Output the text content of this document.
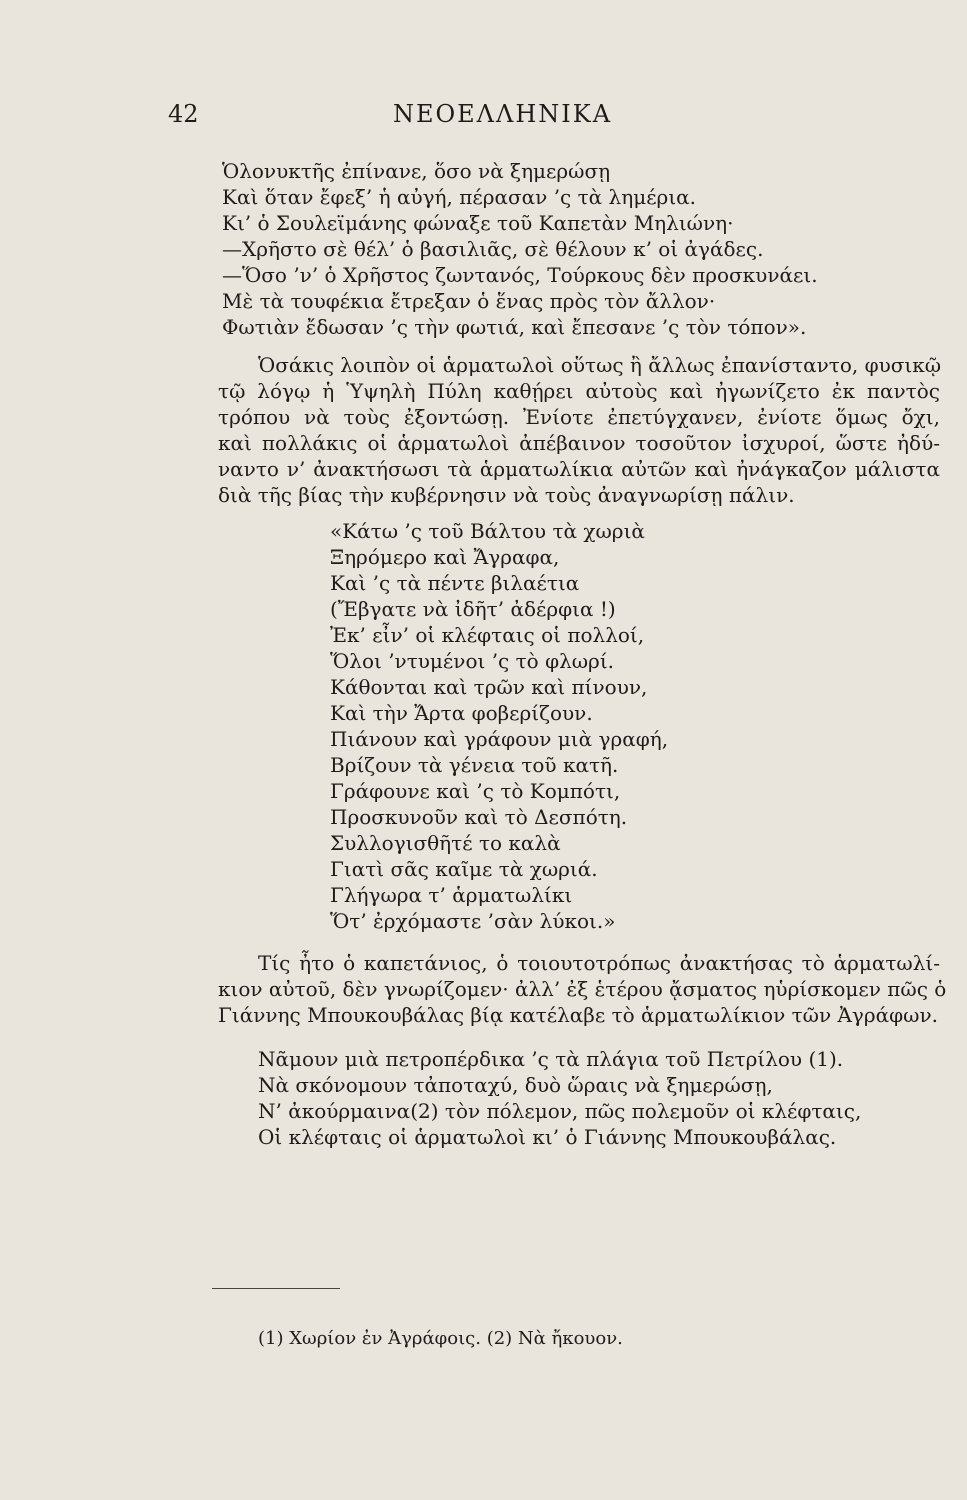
42	ΝΕΟΕΛΛΗΝΙΚΑ
Ὁλονυκτῆς ἐπίνανε, ὅσο νὰ ξημερώσῃ
Καὶ ὅταν ἔφεξ’ ἡ αὐγή, πέρασαν ’ς τὰ λημέρια.
Κι’ ὁ Σουλεϊμάνης φώναξε τοῦ Καπετὰν Μηλιώνη·
—Χρῆστο σὲ θέλ’ ὁ βασιλιᾶς, σὲ θέλουν κ’ οἱ ἀγάδες.
—Ὅσο ’ν’ ὁ Χρῆστος ζωντανός, Τούρκους δὲν προσκυνάει.
Μὲ τὰ τουφέκια ἔτρεξαν ὁ ἕνας πρὸς τὸν ἄλλον·
Φωτιὰν ἔδωσαν ’ς τὴν φωτιά, καὶ ἔπεσανε ’ς τὸν τόπον».
Ὁσάκις λοιπὸν οἱ ἁρματωλοὶ οὕτως ἢ ἄλλως ἐπανίσταντο, φυσικῷ
τῷ λόγῳ ἡ Ὑψηλὴ Πύλη καθῄρει αὐτοὺς καὶ ἠγωνίζετο ἐκ παντὸς
τρόπου νὰ τοὺς ἐξοντώσῃ. Ἐνίοτε ἐπετύγχανεν, ἐνίοτε ὅμως ὄχι,
καὶ πολλάκις οἱ ἁρματωλοὶ ἀπέβαινον τοσοῦτον ἰσχυροί, ὥστε ἠδύ-
ναντο ν’ ἀνακτήσωσι τὰ ἁρματωλίκια αὐτῶν καὶ ἠνάγκαζον μάλιστα
διὰ τῆς βίας τὴν κυβέρνησιν νὰ τοὺς ἀναγνωρίσῃ πάλιν.
«Κάτω ’ς τοῦ Βάλτου τὰ χωριὰ
Ξηρόμερο καὶ Ἄγραφα,
Καὶ ’ς τὰ πέντε βιλαέτια
(Ἔβγατε νὰ ἰδῆτ’ ἀδέρφια !)
Ἐκ’ εἶν’ οἱ κλέφταις οἱ πολλοί,
Ὅλοι ’ντυμένοι ’ς τὸ φλωρί.
Κάθονται καὶ τρῶν καὶ πίνουν,
Καὶ τὴν Ἄρτα φοβερίζουν.
Πιάνουν καὶ γράφουν μιὰ γραφή,
Βρίζουν τὰ γένεια τοῦ κατῆ.
Γράφουνε καὶ ’ς τὸ Κομπότι,
Προσκυνοῦν καὶ τὸ Δεσπότη.
Συλλογισθῆτέ το καλὰ
Γιατὶ σᾶς καῖμε τὰ χωριά.
Γλήγωρα τ’ ἁρματωλίκι
Ὅτ’ ἐρχόμαστε ’σὰν λύκοι.»
Τίς ἦτο ὁ καπετάνιος, ὁ τοιουτοτρόπως ἀνακτήσας τὸ ἁρματωλί-
κιον αὐτοῦ, δὲν γνωρίζομεν· ἀλλ’ ἐξ ἑτέρου ᾄσματος ηὑρίσκομεν πῶς ὁ
Γιάννης Μπουκουβάλας βίᾳ κατέλαβε τὸ ἁρματωλίκιον τῶν Ἀγράφων.
Νᾶμουν μιὰ πετροπέρδικα ’ς τὰ πλάγια τοῦ Πετρίλου (1).
Νὰ σκόνομουν τἀποταχύ, δυὸ ὥραις νὰ ξημερώσῃ,
Ν’ ἀκούρμαινα(2) τὸν πόλεμον, πῶς πολεμοῦν οἱ κλέφταις,
Οἱ κλέφταις οἱ ἁρματωλοὶ κι’ ὁ Γιάννης Μπουκουβάλας.
(1) Χωρίον ἐν Ἀγράφοις. (2) Νὰ ἤκουον.
